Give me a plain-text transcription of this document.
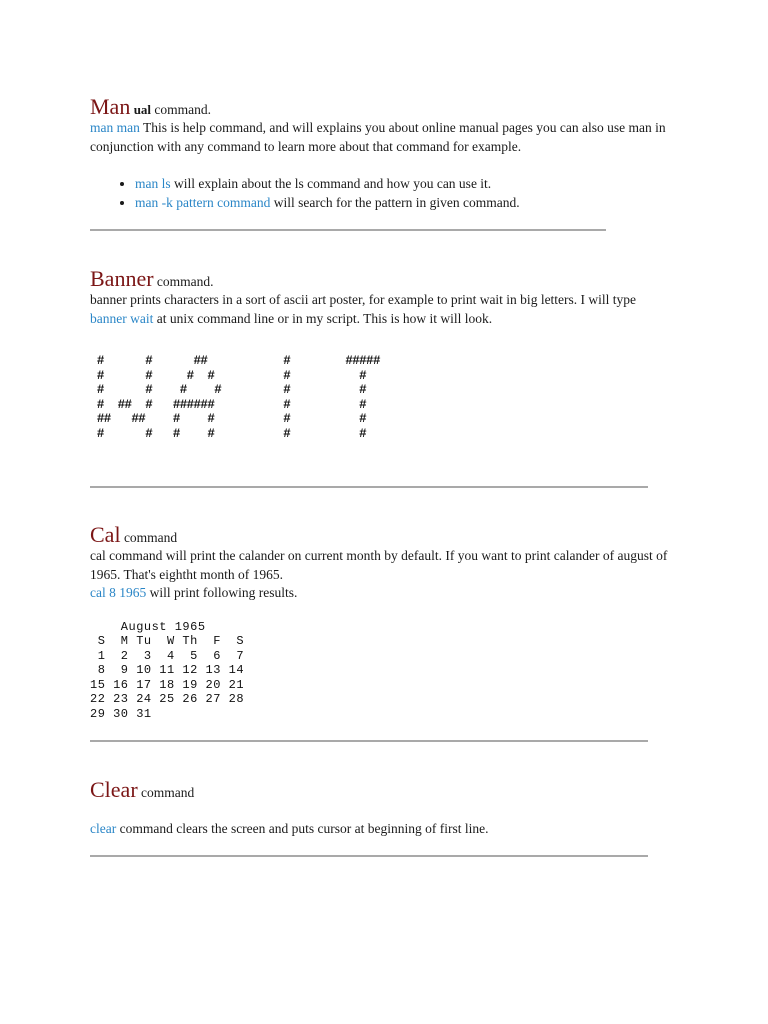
Man ual command.

man man This is help command, and will explains you about online manual pages you can also use man in conjunction with any command to learn more about that command for example.

• man ls will explain about the ls command and how you can use it.
• man -k pattern command will search for the pattern in given command.
Banner command.

banner prints characters in a sort of ascii art poster, for example to print wait in big letters. I will type

banner wait at unix command line or in my script. This is how it will look.

#      #      ##           #        #####
#      #     #  #          #          #
#      #    #    #         #          #
#  ##  #   ######          #          #
##   ##    #    #          #          #
#      #   #    #          #          #
Cal command

cal command will print the calander on current month by default. If you want to print calander of august of 1965. That's eightht month of 1965.

cal 8 1965 will print following results.

August 1965
S  M Tu  W Th  F  S
1  2  3  4  5  6  7
8  9 10 11 12 13 14
15 16 17 18 19 20 21
22 23 24 25 26 27 28
29 30 31
Clear command

clear command clears the screen and puts cursor at beginning of first line.
